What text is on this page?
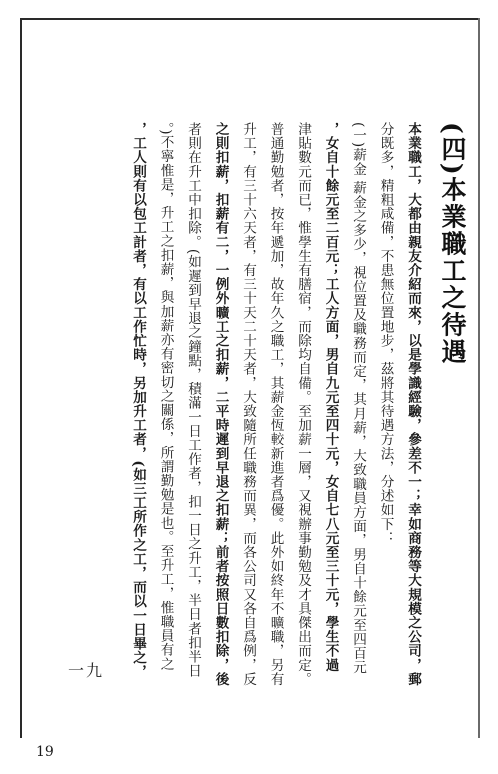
(四)本業職工之待遇
本業職工，大都由親友介紹而來，以是學識經驗，參差不一；幸如商務等大規模之公司，郵
分既多，精粗咸備，不患無位置地步，茲將其待遇方法，分述如下：
(一)薪金 薪金之多少，視位置及職務而定，其月薪，大致職員方面，男自十餘元至四百元
，女自十餘元至二百元；工人方面，男自九元至四十元，女自七八元至三十元，學生不過
津貼數元而已，惟學生有膳宿，而除均自備。至加薪一層，又視辦事勤勉及才具傑出而定。
普通勤勉者，按年遞加，故年久之職工，其薪金恆較新進者爲優。此外如終年不曠職，另有
升工，有三十六天者，有三十天二十天者，大致隨所任職務而異，而各公司又各自爲例，反
之則扣薪，扣薪有二，一例外曠工之扣薪，二平時遲到早退之扣薪；前者按照日數扣除，後
者則在升工中扣除。(如遲到早退之鐘點，積滿一日工作者，扣一日之升工，半日者扣半日
。)不寧惟是，升工之扣薪，與加薪亦有密切之關係，所謂勤勉是也。至升工，惟職員有之
，工人則有以包工計者，有以工作忙時，另加升工者，(如三工所作之工，而以一日畢之，
一九
19
